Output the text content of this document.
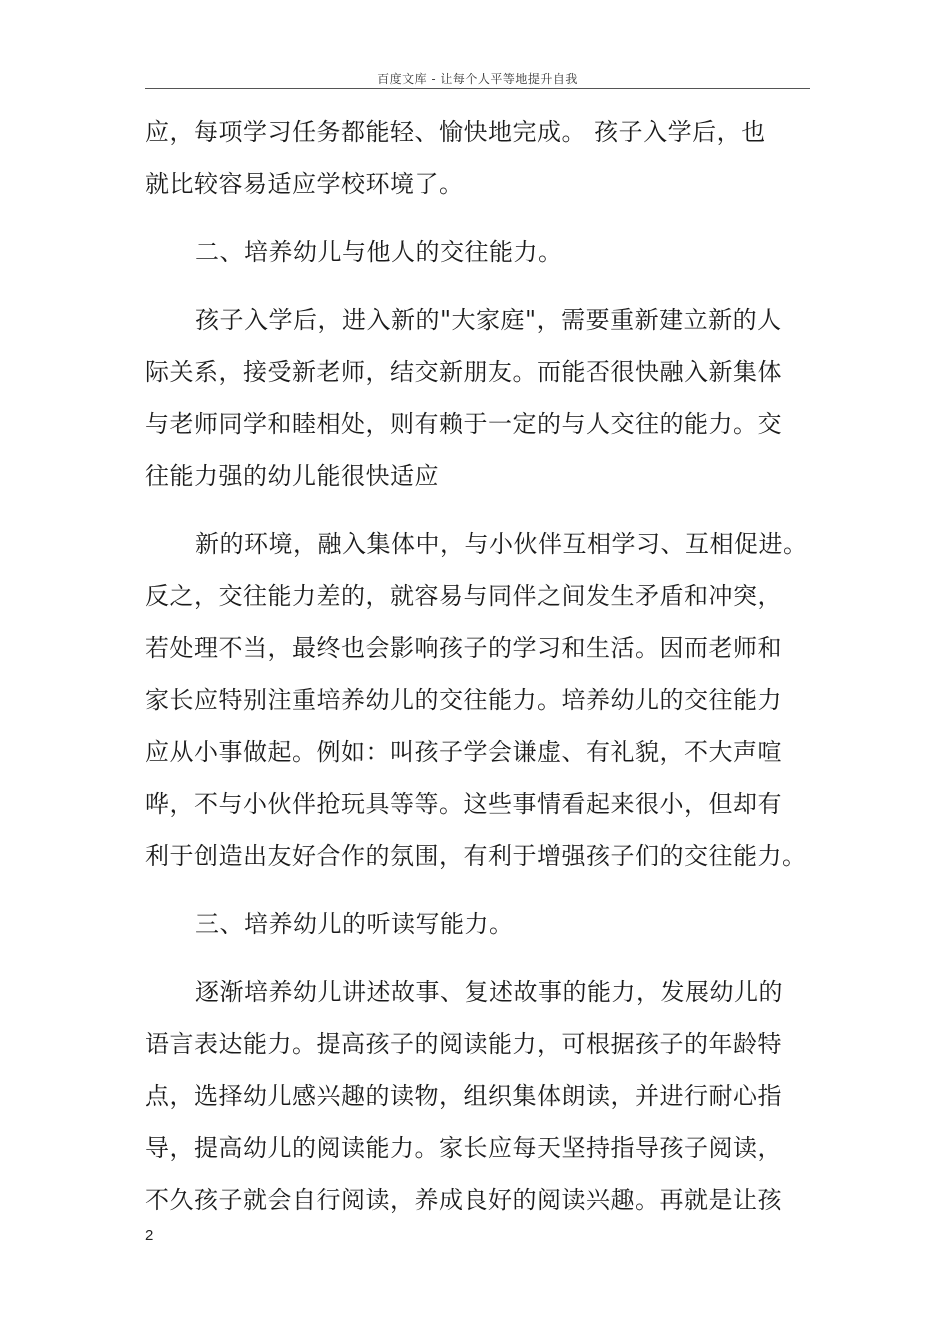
百度文库 - 让每个人平等地提升自我

应，每项学习任务都能轻、愉快地完成。 孩子入学后，也
就比较容易适应学校环境了。

二、培养幼儿与他人的交往能力。

孩子入学后，进入新的"大家庭"，需要重新建立新的人
际关系，接受新老师，结交新朋友。而能否很快融入新集体
与老师同学和睦相处，则有赖于一定的与人交往的能力。交
往能力强的幼儿能很快适应

新的环境，融入集体中，与小伙伴互相学习、互相促进。
反之，交往能力差的，就容易与同伴之间发生矛盾和冲突，
若处理不当，最终也会影响孩子的学习和生活。因而老师和
家长应特别注重培养幼儿的交往能力。培养幼儿的交往能力
应从小事做起。例如：叫孩子学会谦虚、有礼貌，不大声喧
哗，不与小伙伴抢玩具等等。这些事情看起来很小，但却有
利于创造出友好合作的氛围，有利于增强孩子们的交往能力。

三、培养幼儿的听读写能力。

逐渐培养幼儿讲述故事、复述故事的能力，发展幼儿的
语言表达能力。提高孩子的阅读能力，可根据孩子的年龄特
点，选择幼儿感兴趣的读物，组织集体朗读，并进行耐心指
导，提高幼儿的阅读能力。家长应每天坚持指导孩子阅读，
不久孩子就会自行阅读，养成良好的阅读兴趣。再就是让孩

2
